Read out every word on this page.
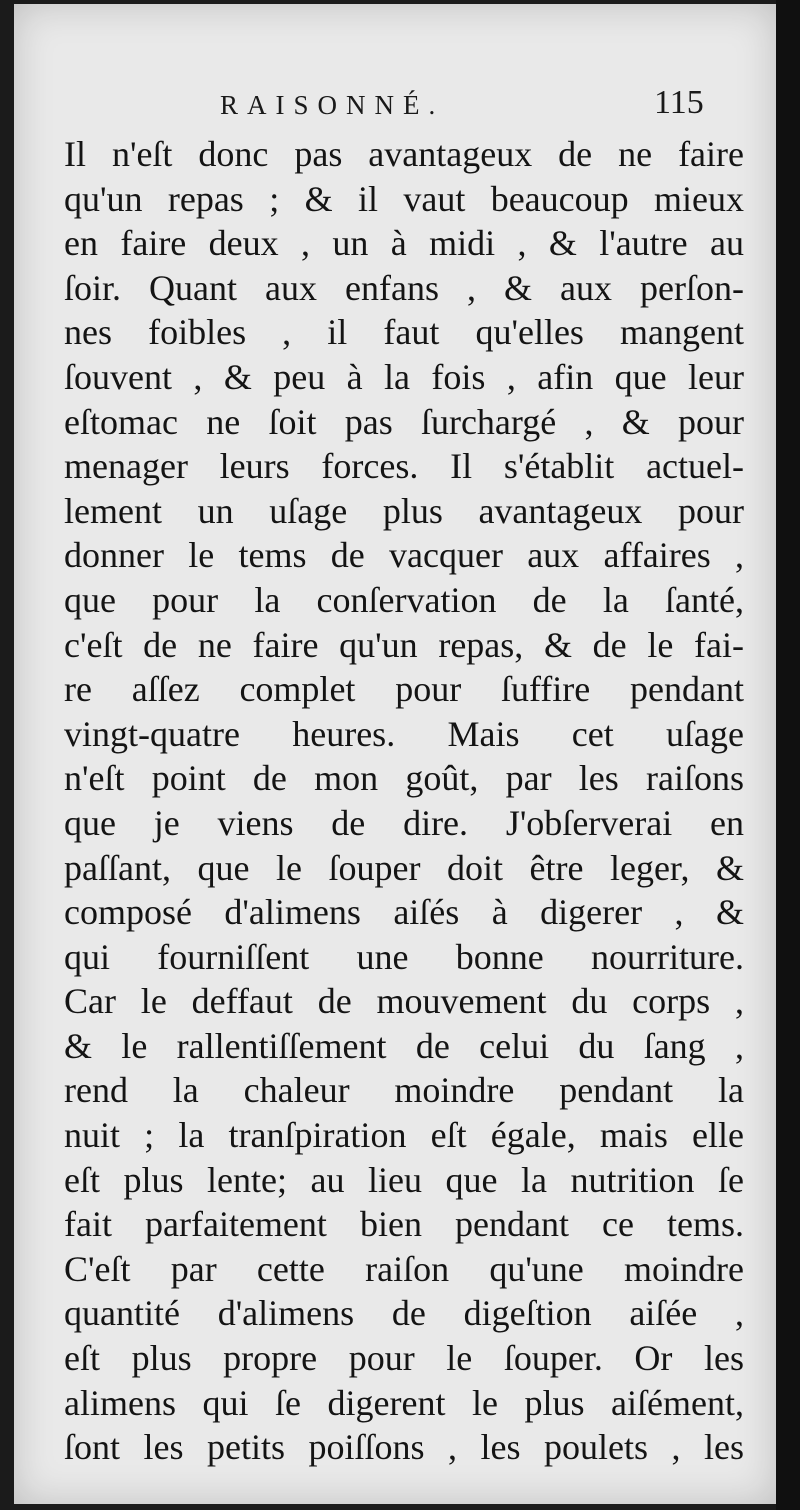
RAISONNÉ.	115
Il n'eſt donc pas avantageux de ne faire
qu'un repas ; & il vaut beaucoup mieux
en faire deux , un à midi , & l'autre au
ſoir. Quant aux enfans , & aux perſon-
nes foibles , il faut qu'elles mangent
ſouvent , & peu à la fois , afin que leur
eſtomac ne ſoit pas ſurchargé , & pour
menager leurs forces. Il s'établit actuel-
lement un uſage plus avantageux pour
donner le tems de vacquer aux affaires ,
que pour la conſervation de la ſanté,
c'eſt de ne faire qu'un repas, & de le fai-
re aſſez complet pour ſuffire pendant
vingt-quatre heures. Mais cet uſage
n'eſt point de mon goût, par les raiſons
que je viens de dire. J'obſerverai en
paſſant, que le ſouper doit être leger, &
composé d'alimens aiſés à digerer , &
qui fourniſſent une bonne nourriture.
Car le deffaut de mouvement du corps ,
& le rallentiſſement de celui du ſang ,
rend la chaleur moindre pendant la
nuit ; la tranſpiration eſt égale, mais elle
eſt plus lente; au lieu que la nutrition ſe
fait parfaitement bien pendant ce tems.
C'eſt par cette raiſon qu'une moindre
quantité d'alimens de digeſtion aiſée ,
eſt plus propre pour le ſouper. Or les
alimens qui ſe digerent le plus aiſément,
ſont les petits poiſſons , les poulets , les
